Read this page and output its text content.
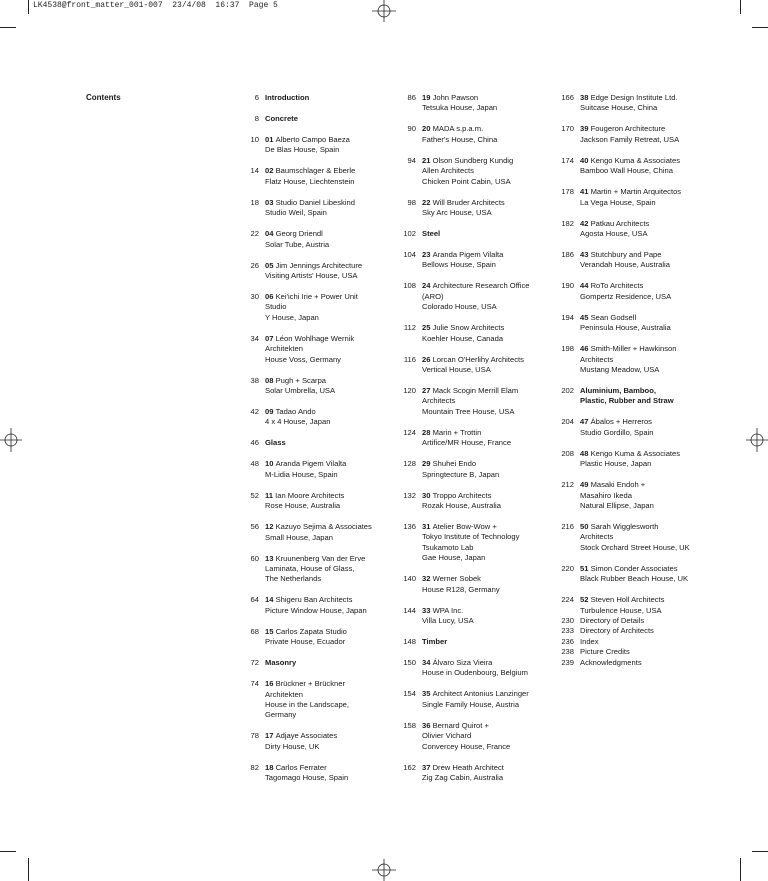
LK4538@front_matter_001-007  23/4/08  16:37  Page 5
Contents	6 Introduction
8 Concrete
10 01 Alberto Campo Baeza
De Blas House, Spain
14 02 Baumschlager & Eberle
Flatz House, Liechtenstein
18 03 Studio Daniel Libeskind
Studio Weil, Spain
22 04 Georg Driendl
Solar Tube, Austria
26 05 Jim Jennings Architecture
Visiting Artists' House, USA
30 06 Kei'ichi Irie + Power Unit
Studio
Y House, Japan
34 07 Léon Wohlhage Wernik
Architekten
House Voss, Germany
38 08 Pugh + Scarpa
Solar Umbrella, USA
42 09 Tadao Ando
4 x 4 House, Japan
46 Glass
48 10 Aranda Pigem Vilalta
M-Lidia House, Spain
52 11 Ian Moore Architects
Rose House, Australia
56 12 Kazuyo Sejima & Associates
Small House, Japan
60 13 Kruunenberg Van der Erve
Laminata, House of Glass,
The Netherlands
64 14 Shigeru Ban Architects
Picture Window House, Japan
68 15 Carlos Zapata Studio
Private House, Ecuador
72 Masonry
74 16 Brückner + Brückner
Architekten
House in the Landscape,
Germany
78 17 Adjaye Associates
Dirty House, UK
82 18 Carlos Ferrater
Tagomago House, Spain
86 19 John Pawson
Tetsuka House, Japan
90 20 MADA s.p.a.m.
Father's House, China
94 21 Olson Sundberg Kundig
Allen Architects
Chicken Point Cabin, USA
98 22 Will Bruder Architects
Sky Arc House, USA
102 Steel
104 23 Aranda Pigem Vilalta
Bellows House, Spain
108 24 Architecture Research Office
(ARO)
Colorado House, USA
112 25 Julie Snow Architects
Koehler House, Canada
116 26 Lorcan O'Herlihy Architects
Vertical House, USA
120 27 Mack Scogin Merrill Elam
Architects
Mountain Tree House, USA
124 28 Marin + Trottin
Artifice/MR House, France
128 29 Shuhei Endo
Springtecture B, Japan
132 30 Troppo Architects
Rozak House, Australia
136 31 Atelier Bow-Wow +
Tokyo Institute of Technology
Tsukamoto Lab
Gae House, Japan
140 32 Werner Sobek
House R128, Germany
144 33 WPA Inc.
Villa Lucy, USA
148 Timber
150 34 Álvaro Siza Vieira
House in Oudenbourg, Belgium
154 35 Architect Antonius Lanzinger
Single Family House, Austria
158 36 Bernard Quirot +
Olivier Vichard
Convercey House, France
162 37 Drew Heath Architect
Zig Zag Cabin, Australia
166 38 Edge Design Institute Ltd.
Suitcase House, China
170 39 Fougeron Architecture
Jackson Family Retreat, USA
174 40 Kengo Kuma & Associates
Bamboo Wall House, China
178 41 Martin + Martin Arquitectos
La Vega House, Spain
182 42 Patkau Architects
Agosta House, USA
186 43 Stutchbury and Pape
Verandah House, Australia
190 44 RoTo Architects
Gompertz Residence, USA
194 45 Sean Godsell
Peninsula House, Australia
198 46 Smith-Miller + Hawkinson
Architects
Mustang Meadow, USA
202 Aluminium, Bamboo,
Plastic, Rubber and Straw
204 47 Ábalos + Herreros
Studio Gordillo, Spain
208 48 Kengo Kuma & Associates
Plastic House, Japan
212 49 Masaki Endoh +
Masahiro Ikeda
Natural Ellipse, Japan
216 50 Sarah Wigglesworth
Architects
Stock Orchard Street House, UK
220 51 Simon Conder Associates
Black Rubber Beach House, UK
224 52 Steven Holl Architects
Turbulence House, USA
230 Directory of Details
233 Directory of Architects
236 Index
238 Picture Credits
239 Acknowledgments
